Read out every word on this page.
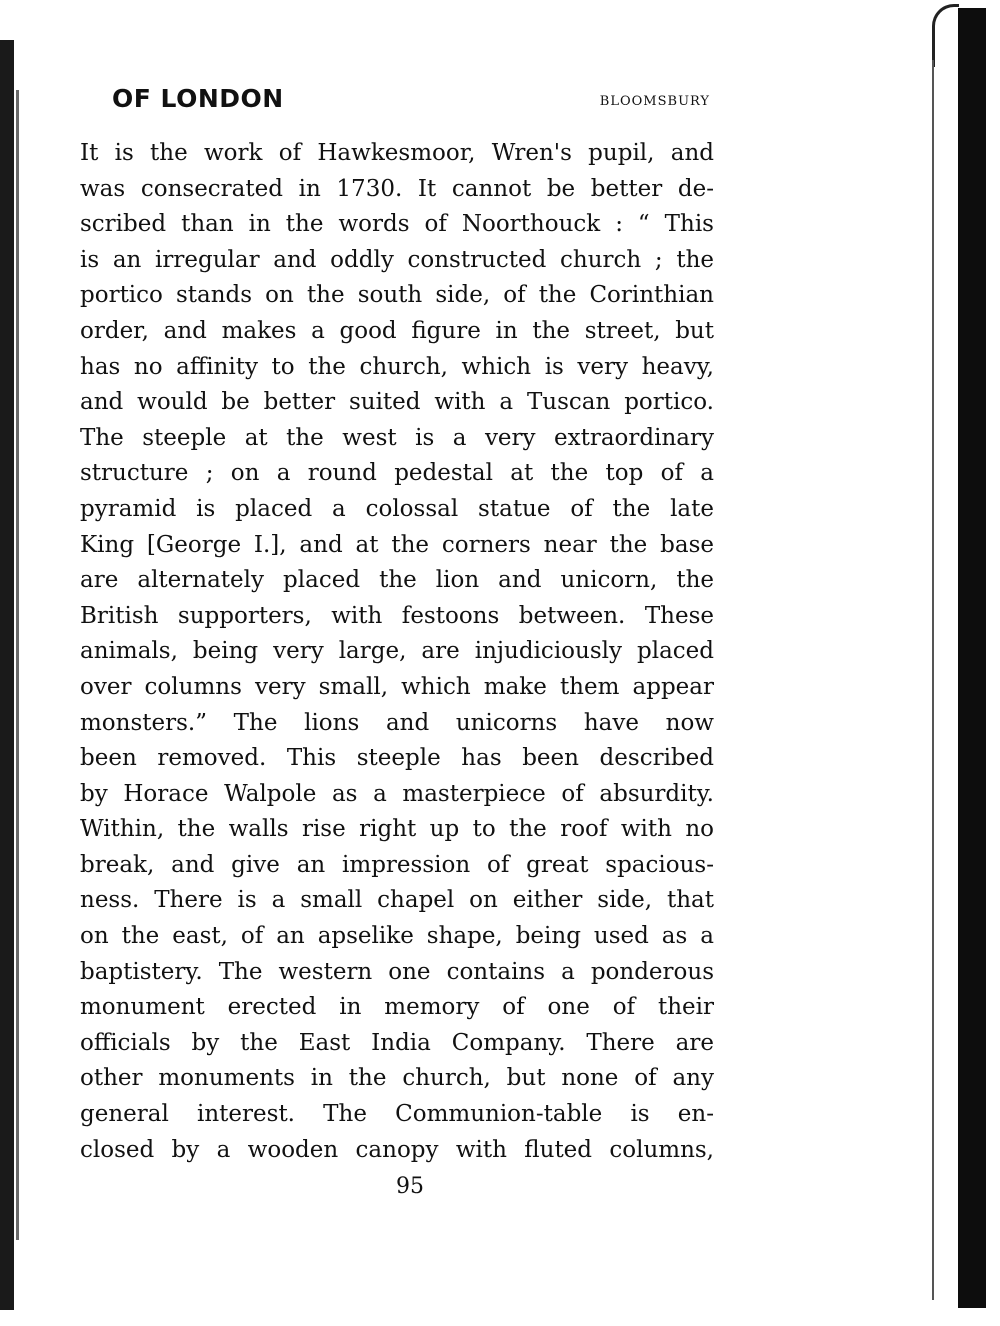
OF LONDON	BLOOMSBURY
It is the work of Hawkesmoor, Wren's pupil, and
was consecrated in 1730. It cannot be better de-
scribed than in the words of Noorthouck : “ This
is an irregular and oddly constructed church ; the
portico stands on the south side, of the Corinthian
order, and makes a good figure in the street, but
has no affinity to the church, which is very heavy,
and would be better suited with a Tuscan portico.
The steeple at the west is a very extraordinary
structure ; on a round pedestal at the top of a
pyramid is placed a colossal statue of the late
King [George I.], and at the corners near the base
are alternately placed the lion and unicorn, the
British supporters, with festoons between. These
animals, being very large, are injudiciously placed
over columns very small, which make them appear
monsters.” The lions and unicorns have now
been removed. This steeple has been described
by Horace Walpole as a masterpiece of absurdity.
Within, the walls rise right up to the roof with no
break, and give an impression of great spacious-
ness. There is a small chapel on either side, that
on the east, of an apselike shape, being used as a
baptistery. The western one contains a ponderous
monument erected in memory of one of their
officials by the East India Company. There are
other monuments in the church, but none of any
general interest. The Communion-table is en-
closed by a wooden canopy with fluted columns,
95
